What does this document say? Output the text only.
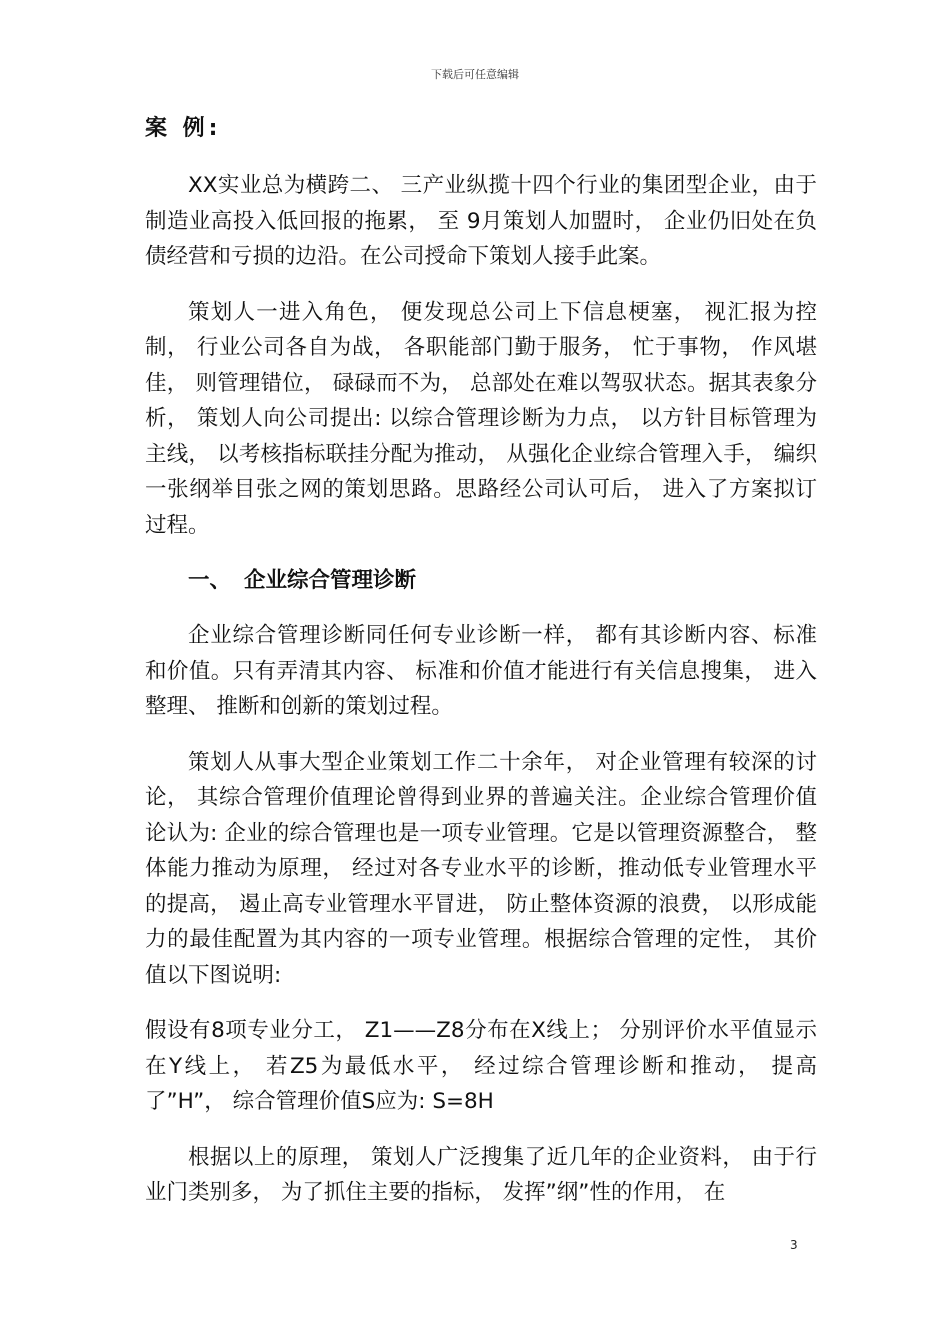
下载后可任意编辑
案 例:

XX实业总为横跨二、 三产业纵揽十四个行业的集团型企业，由于制造业高投入低回报的拖累， 至 9月策划人加盟时， 企业仍旧处在负债经营和亏损的边沿。在公司授命下策划人接手此案。

策划人一进入角色， 便发现总公司上下信息梗塞， 视汇报为控制， 行业公司各自为战， 各职能部门勤于服务， 忙于事物， 作风堪佳， 则管理错位， 碌碌而不为， 总部处在难以驾驭状态。据其表象分析， 策划人向公司提出: 以综合管理诊断为力点， 以方针目标管理为主线， 以考核指标联挂分配为推动， 从强化企业综合管理入手， 编织一张纲举目张之网的策划思路。思路经公司认可后， 进入了方案拟订过程。

一、 企业综合管理诊断

企业综合管理诊断同任何专业诊断一样， 都有其诊断内容、标准和价值。只有弄清其内容、 标准和价值才能进行有关信息搜集， 进入整理、 推断和创新的策划过程。

策划人从事大型企业策划工作二十余年， 对企业管理有较深的讨论， 其综合管理价值理论曾得到业界的普遍关注。企业综合管理价值论认为: 企业的综合管理也是一项专业管理。它是以管理资源整合， 整体能力推动为原理， 经过对各专业水平的诊断，推动低专业管理水平的提高， 遏止高专业管理水平冒进， 防止整体资源的浪费， 以形成能力的最佳配置为其内容的一项专业管理。根据综合管理的定性， 其价值以下图说明:

假设有8项专业分工， Z1——Z8分布在X线上； 分别评价水平值显示在Y线上， 若Z5为最低水平， 经过综合管理诊断和推动， 提高了”H”， 综合管理价值S应为: S=8H

根据以上的原理， 策划人广泛搜集了近几年的企业资料， 由于行业门类别多， 为了抓住主要的指标， 发挥”纲”性的作用， 在

3
